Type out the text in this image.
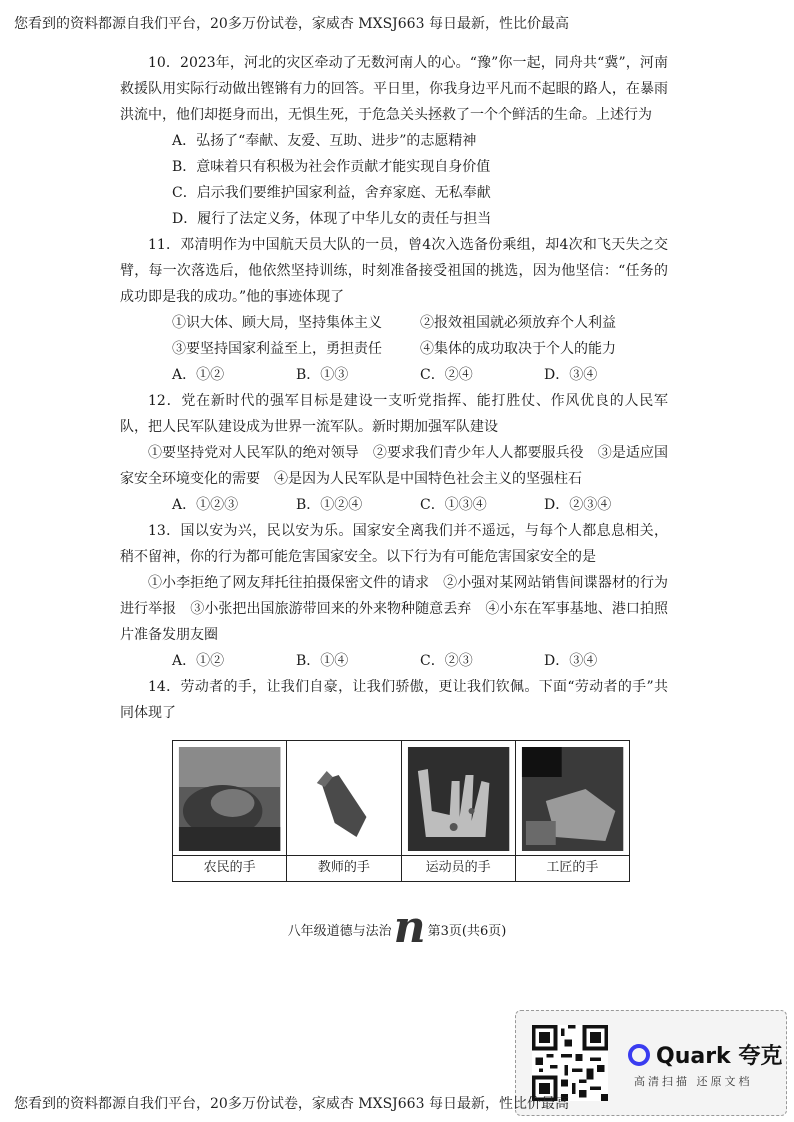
您看到的资料都源自我们平台，20多万份试卷，家威杏 MXSJ663 每日最新，性比价最高

10．2023年，河北的灾区牵动了无数河南人的心。“豫”你一起，同舟共“冀”，河南救援队用实际行动做出铿锵有力的回答。平日里，你我身边平凡而不起眼的路人，在暴雨洪流中，他们却挺身而出，无惧生死，于危急关头拯救了一个个鲜活的生命。上述行为

A．弘扬了“奉献、友爱、互助、进步”的志愿精神

B．意味着只有积极为社会作贡献才能实现自身价值

C．启示我们要维护国家利益，舍弃家庭、无私奉献

D．履行了法定义务，体现了中华儿女的责任与担当

11．邓清明作为中国航天员大队的一员，曾4次入选备份乘组，却4次和飞天失之交臂，每一次落选后，他依然坚持训练，时刻准备接受祖国的挑选，因为他坚信：“任务的成功即是我的成功。”他的事迹体现了

①识大体、顾大局，坚持集体主义	②报效祖国就必须放弃个人利益
③要坚持国家利益至上，勇担责任	④集体的成功取决于个人的能力
A．①②	B．①③	C．②④	D．③④

12．党在新时代的强军目标是建设一支听党指挥、能打胜仗、作风优良的人民军队，把人民军队建设成为世界一流军队。新时期加强军队建设

①要坚持党对人民军队的绝对领导　②要求我们青少年人人都要服兵役　③是适应国家安全环境变化的需要　④是因为人民军队是中国特色社会主义的坚强柱石

A．①②③	B．①②④	C．①③④	D．②③④

13．国以安为兴，民以安为乐。国家安全离我们并不遥远，与每个人都息息相关，稍不留神，你的行为都可能危害国家安全。以下行为有可能危害国家安全的是

①小李拒绝了网友拜托往拍摄保密文件的请求　②小强对某网站销售间谍器材的行为进行举报　③小张把出国旅游带回来的外来物种随意丢弃　④小东在军事基地、港口拍照片准备发朋友圈

A．①②	B．①④	C．②③	D．③④

14．劳动者的手，让我们自豪，让我们骄傲，更让我们钦佩。下面“劳动者的手”共同体现了

农民的手	教师的手	运动员的手	工匠的手
八年级道德与法治n 第3页(共6页)
Quark 夸克
高清扫描 还原文档
您看到的资料都源自我们平台，20多万份试卷，家威杏 MXSJ663 每日最新，性比价最高
